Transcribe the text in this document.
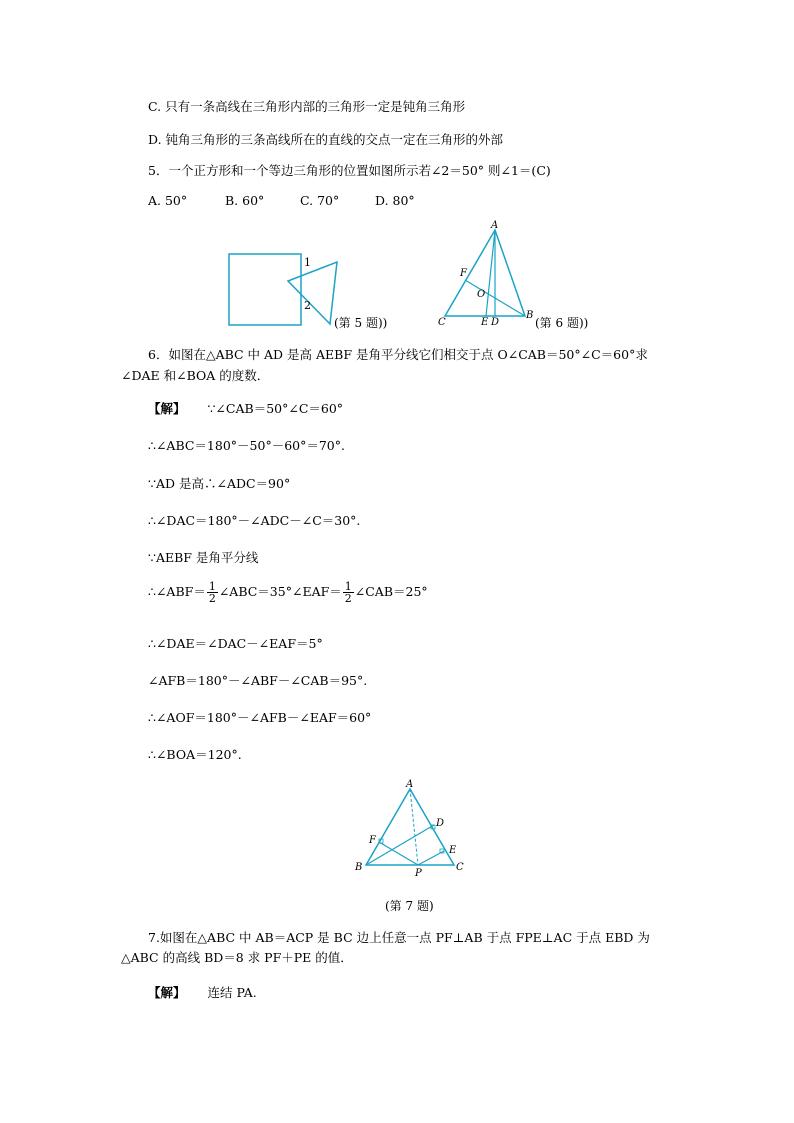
C. 只有一条高线在三角形内部的三角形一定是钝角三角形
D. 钝角三角形的三条高线所在的直线的交点一定在三角形的外部
5．一个正方形和一个等边三角形的位置如图所示若∠2＝50° 则∠1＝(C)
A. 50°	B. 60°	C. 70°	D. 80°
1
2
(第 5 题))
A
F
O
C	E D
B
(第 6 题))
6．如图在△ABC 中 AD 是高 AEBF 是角平分线它们相交于点 O∠CAB＝50°∠C＝60°求
∠DAE 和∠BOA 的度数．
【解】 ∵∠CAB＝50°∠C＝60°
∴∠ABC＝180°－50°－60°＝70°.
∵AD 是高∴∠ADC＝90°
∴∠DAC＝180°－∠ADC－∠C＝30°.
∵AEBF 是角平分线
∴∠ABF＝ $\frac{1}{2}$ ∠ABC＝35°∠EAF＝ $\frac{1}{2}$ ∠CAB＝25°
∴∠DAE＝∠DAC－∠EAF＝5°
∠AFB＝180°－∠ABF－∠CAB＝95°.
∴∠AOF＝180°－∠AFB－∠EAF＝60°
∴∠BOA＝120°.
A
F
D
E
B
P
C
(第 7 题)
7.如图在△ABC 中 AB＝ACP 是 BC 边上任意一点 PF⊥AB 于点 FPE⊥AC 于点 EBD 为
△ABC 的高线 BD＝8 求 PF＋PE 的值．
【解】 连结 PA.
